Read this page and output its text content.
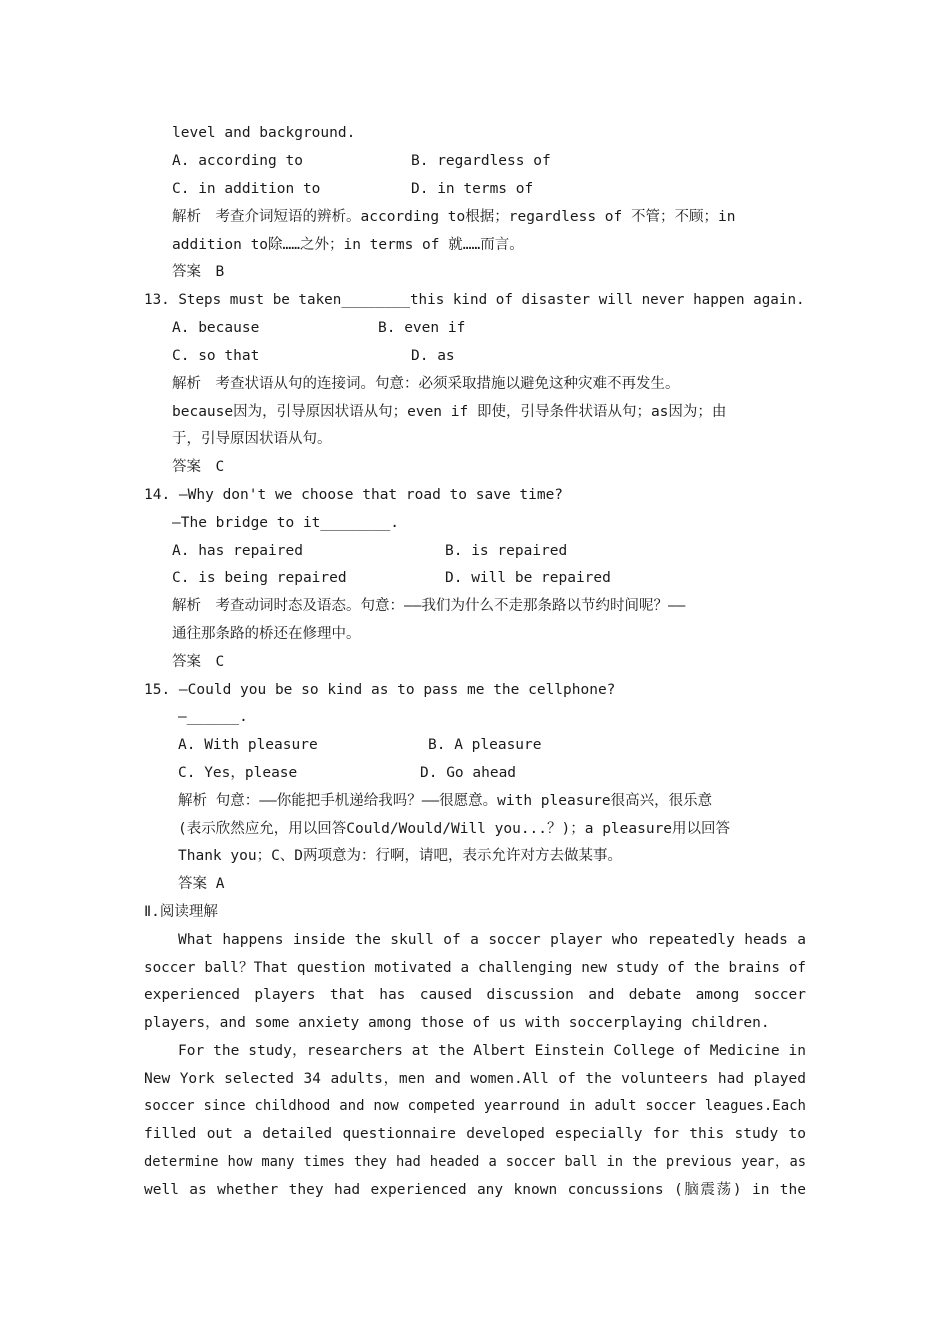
level and background.
A. according to	B. regardless of
C. in addition to	D. in terms of
解析　考查介词短语的辨析。according to根据；regardless of 不管；不顾；in
addition to除……之外；in terms of 就……而言。
答案　B
13. Steps must be taken________this kind of disaster will never happen again.
A. because	B. even if
C. so that	D. as
解析　考查状语从句的连接词。句意：必须采取措施以避免这种灾难不再发生。
because因为，引导原因状语从句；even if 即使，引导条件状语从句；as因为；由
于，引导原因状语从句。
答案　C
14. —Why don't we choose that road to save time?
—The bridge to it________.
A. has repaired	B. is repaired
C. is being repaired	D. will be repaired
解析　考查动词时态及语态。句意：——我们为什么不走那条路以节约时间呢？——
通往那条路的桥还在修理中。
答案　C
15. —Could you be so kind as to pass me the cellphone?
—______.
A. With pleasure	B. A pleasure
C. Yes，please	D. Go ahead
解析 句意：——你能把手机递给我吗？——很愿意。with pleasure很高兴，很乐意
(表示欣然应允，用以回答Could/Would/Will you...？)；a pleasure用以回答
Thank you；C、D两项意为：行啊，请吧，表示允许对方去做某事。
答案 A
Ⅱ.阅读理解
What happens inside the skull of a soccer player who repeatedly heads a
soccer ball？That question motivated a challenging new study of the brains of
experienced players that has caused discussion and debate among soccer
players，and some anxiety among those of us with soccerplaying children.
For the study，researchers at the Albert Einstein College of Medicine in
New York selected 34 adults，men and women.All of the volunteers had played
soccer since childhood and now competed yearround in adult soccer leagues.Each
filled out a detailed questionnaire developed especially for this study to
determine how many times they had headed a soccer ball in the previous year，as
well as whether they had experienced any known concussions (脑震荡) in the
